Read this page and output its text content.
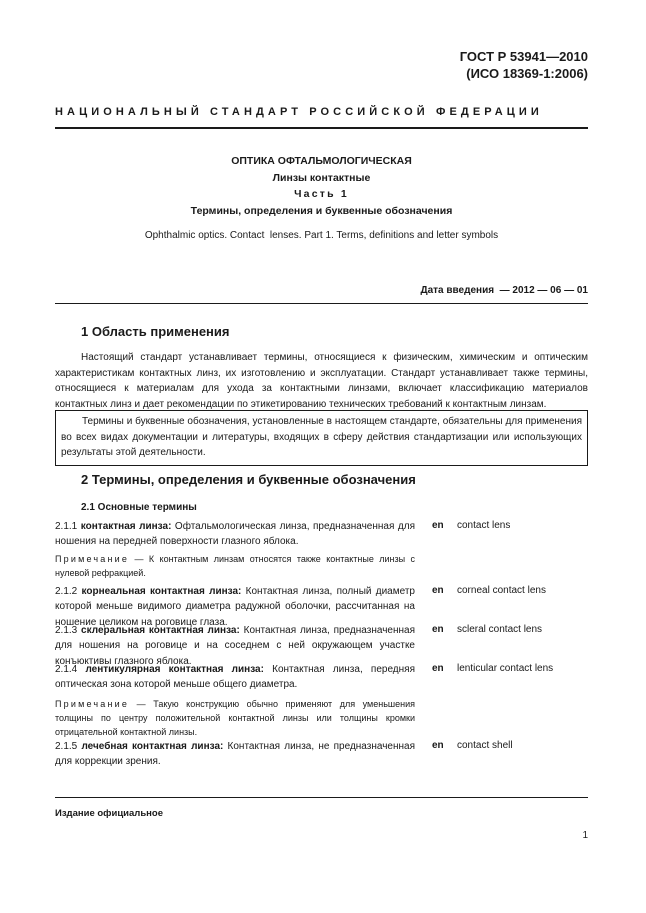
ГОСТ Р 53941—2010
(ИСО 18369-1:2006)
НАЦИОНАЛЬНЫЙ СТАНДАРТ РОССИЙСКОЙ ФЕДЕРАЦИИ
ОПТИКА ОФТАЛЬМОЛОГИЧЕСКАЯ
Линзы контактные
Часть 1
Термины, определения и буквенные обозначения
Ophthalmic optics. Contact  lenses. Part 1. Terms, definitions and letter symbols
Дата введения  — 2012 — 06 — 01
1 Область применения
Настоящий стандарт устанавливает термины, относящиеся к физическим, химическим и оптическим характеристикам контактных линз, их изготовлению и эксплуатации. Стандарт устанавливает также термины, относящиеся к материалам для ухода за контактными линзами, включает классификацию материалов контактных линз и дает рекомендации по этикетированию технических требований к контактным линзам.
Термины и буквенные обозначения, установленные в настоящем стандарте, обязательны для применения во всех видах документации и литературы, входящих в сферу действия стандартизации или использующих результаты этой деятельности.
2 Термины, определения и буквенные обозначения
2.1 Основные термины
2.1.1 контактная линза: Офтальмологическая линза, предназначенная для ношения на передней поверхности глазного яблока.
en contact lens
Примечание — К контактным линзам относятся также контактные линзы с нулевой рефракцией.
2.1.2 корнеальная контактная линза: Контактная линза, полный диаметр которой меньше видимого диаметра радужной оболочки, рассчитанная на ношение целиком на роговице глаза.
en corneal contact lens
2.1.3 склеральная контактная линза: Контактная линза, предназначенная для ношения на роговице и на соседнем с ней окружающем участке конъюктивы глазного яблока.
en scleral contact lens
2.1.4 лентикулярная контактная линза: Контактная линза, передняя оптическая зона которой меньше общего диаметра.
en lenticular contact lens
Примечание — Такую конструкцию обычно применяют для уменьшения толщины по центру положительной контактной линзы или толщины кромки отрицательной контактной линзы.
2.1.5 лечебная контактная линза: Контактная линза, не предназначенная для коррекции зрения.
en contact shell
Издание официальное
1
